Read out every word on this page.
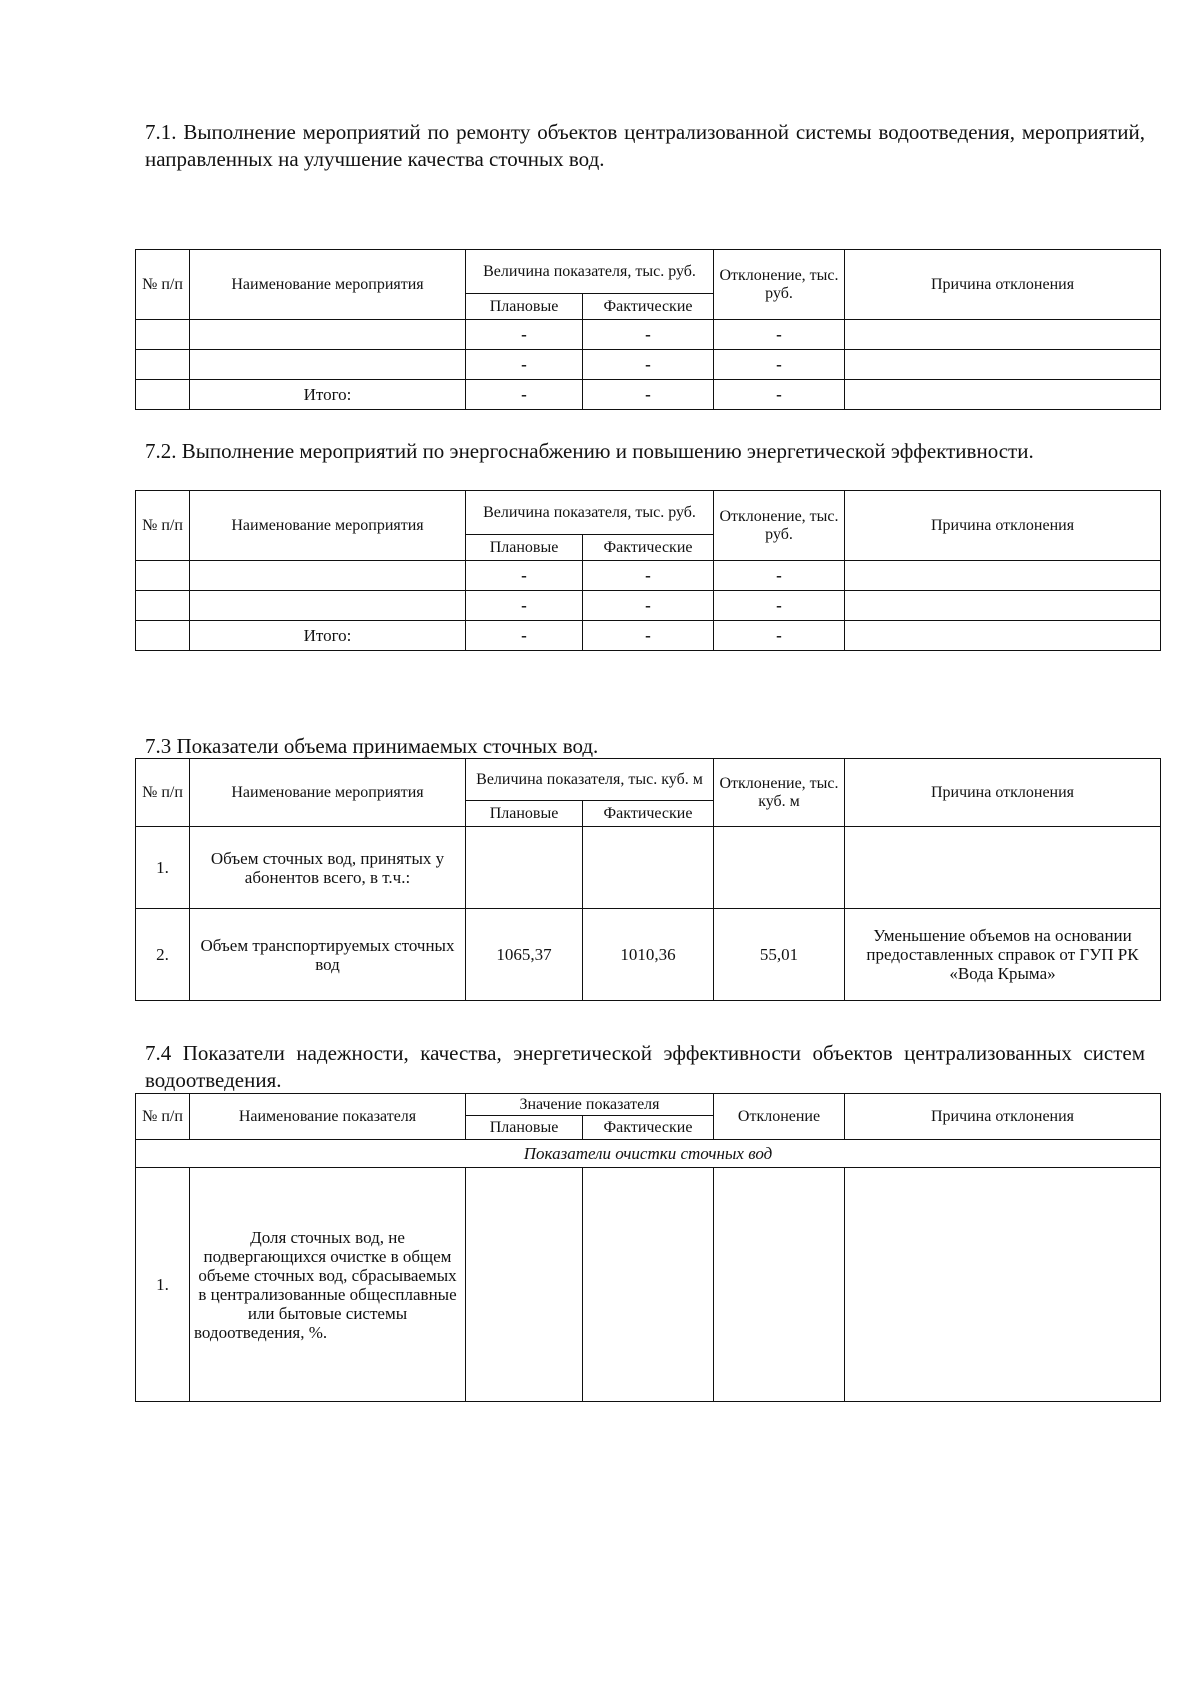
7.1. Выполнение мероприятий по ремонту объектов централизованной системы водоотведения, мероприятий, направленных на улучшение качества сточных вод.
№ п/п	Наименование мероприятия	Величина показателя, тыс. руб.		Отклонение, тыс. руб.	Причина отклонения
		Плановые	Фактические		
		-	-	-	
		-	-	-	
	Итого:	-	-	-	
7.2. Выполнение мероприятий по энергоснабжению и повышению энергетической эффективности.
№ п/п	Наименование мероприятия	Величина показателя, тыс. руб.		Отклонение, тыс. руб.	Причина отклонения
		Плановые	Фактические		
		-	-	-	
		-	-	-	
	Итого:	-	-	-	
7.3 Показатели объема принимаемых сточных вод.
№ п/п	Наименование мероприятия	Величина показателя, тыс. куб. м		Отклонение, тыс. куб. м	Причина отклонения
		Плановые	Фактические		
1.	Объем сточных вод, принятых у абонентов всего, в т.ч.:				
2.	Объем транспортируемых сточных вод	1065,37	1010,36	55,01	Уменьшение объемов на основании предоставленных справок от ГУП РК «Вода Крыма»
7.4 Показатели надежности, качества, энергетической эффективности объектов централизованных систем водоотведения.
№ п/п	Наименование показателя	Значение показателя		Отклонение	Причина отклонения
		Плановые	Фактические		
Показатели очистки сточных вод					
1.	Доля сточных вод, не подвергающихся очистке в общем объеме сточных вод, сбрасываемых в централизованные общесплавные или бытовые системы водоотведения, %.				
